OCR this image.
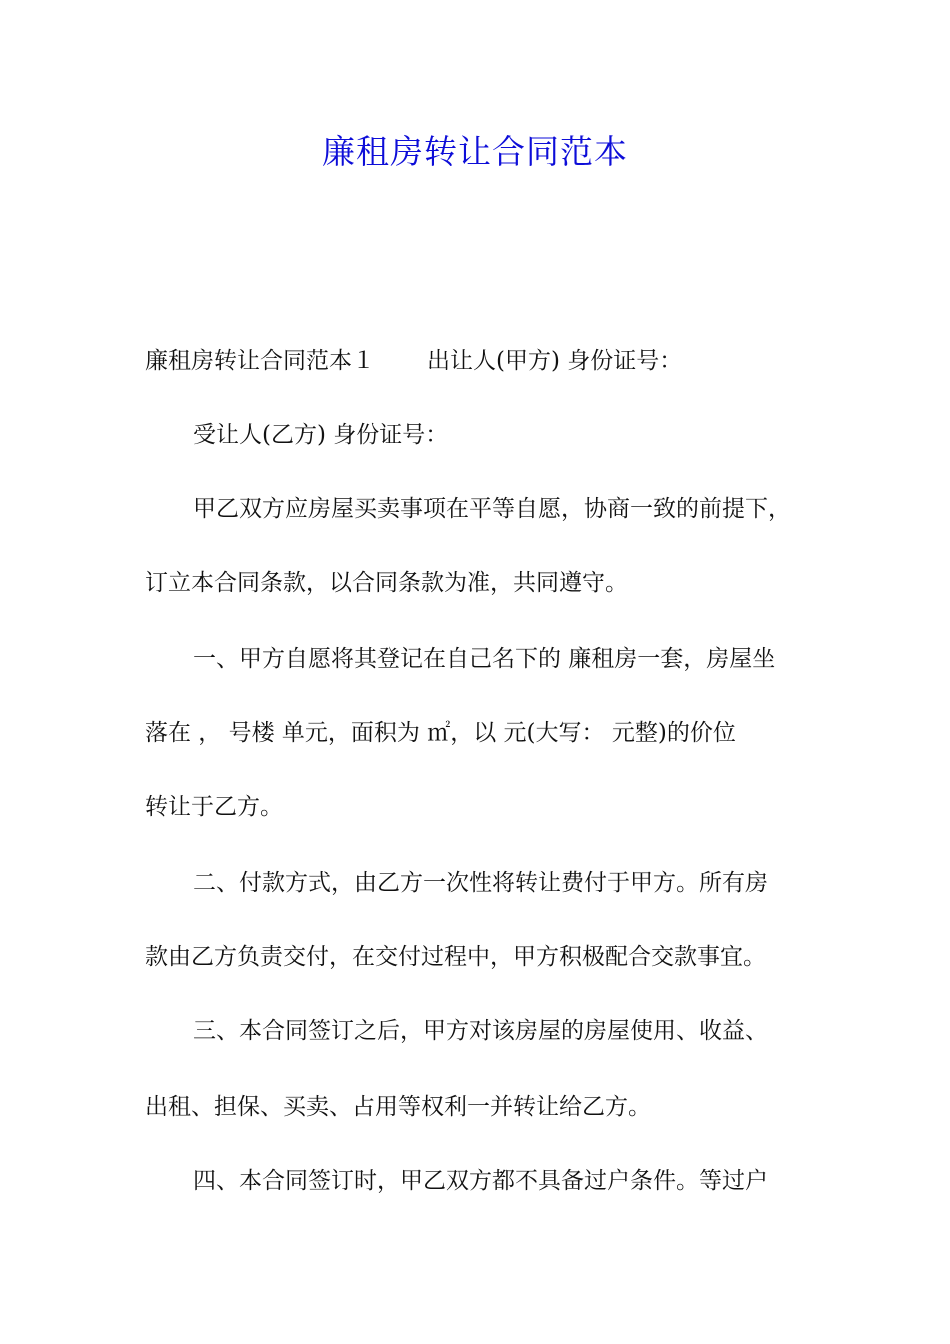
廉租房转让合同范本
廉租房转让合同范本１ 出让人(甲方) 身份证号：
受让人(乙方) 身份证号：
甲乙双方应房屋买卖事项在平等自愿，协商一致的前提下，
订立本合同条款，以合同条款为准，共同遵守。
一、甲方自愿将其登记在自己名下的 廉租房一套，房屋坐
落在 ， 号楼 单元，面积为 ㎡，以 元(大写： 元整)的价位
转让于乙方。
二、付款方式，由乙方一次性将转让费付于甲方。所有房
款由乙方负责交付，在交付过程中，甲方积极配合交款事宜。
三、本合同签订之后，甲方对该房屋的房屋使用、收益、
出租、担保、买卖、占用等权利一并转让给乙方。
四、本合同签订时，甲乙双方都不具备过户条件。等过户
